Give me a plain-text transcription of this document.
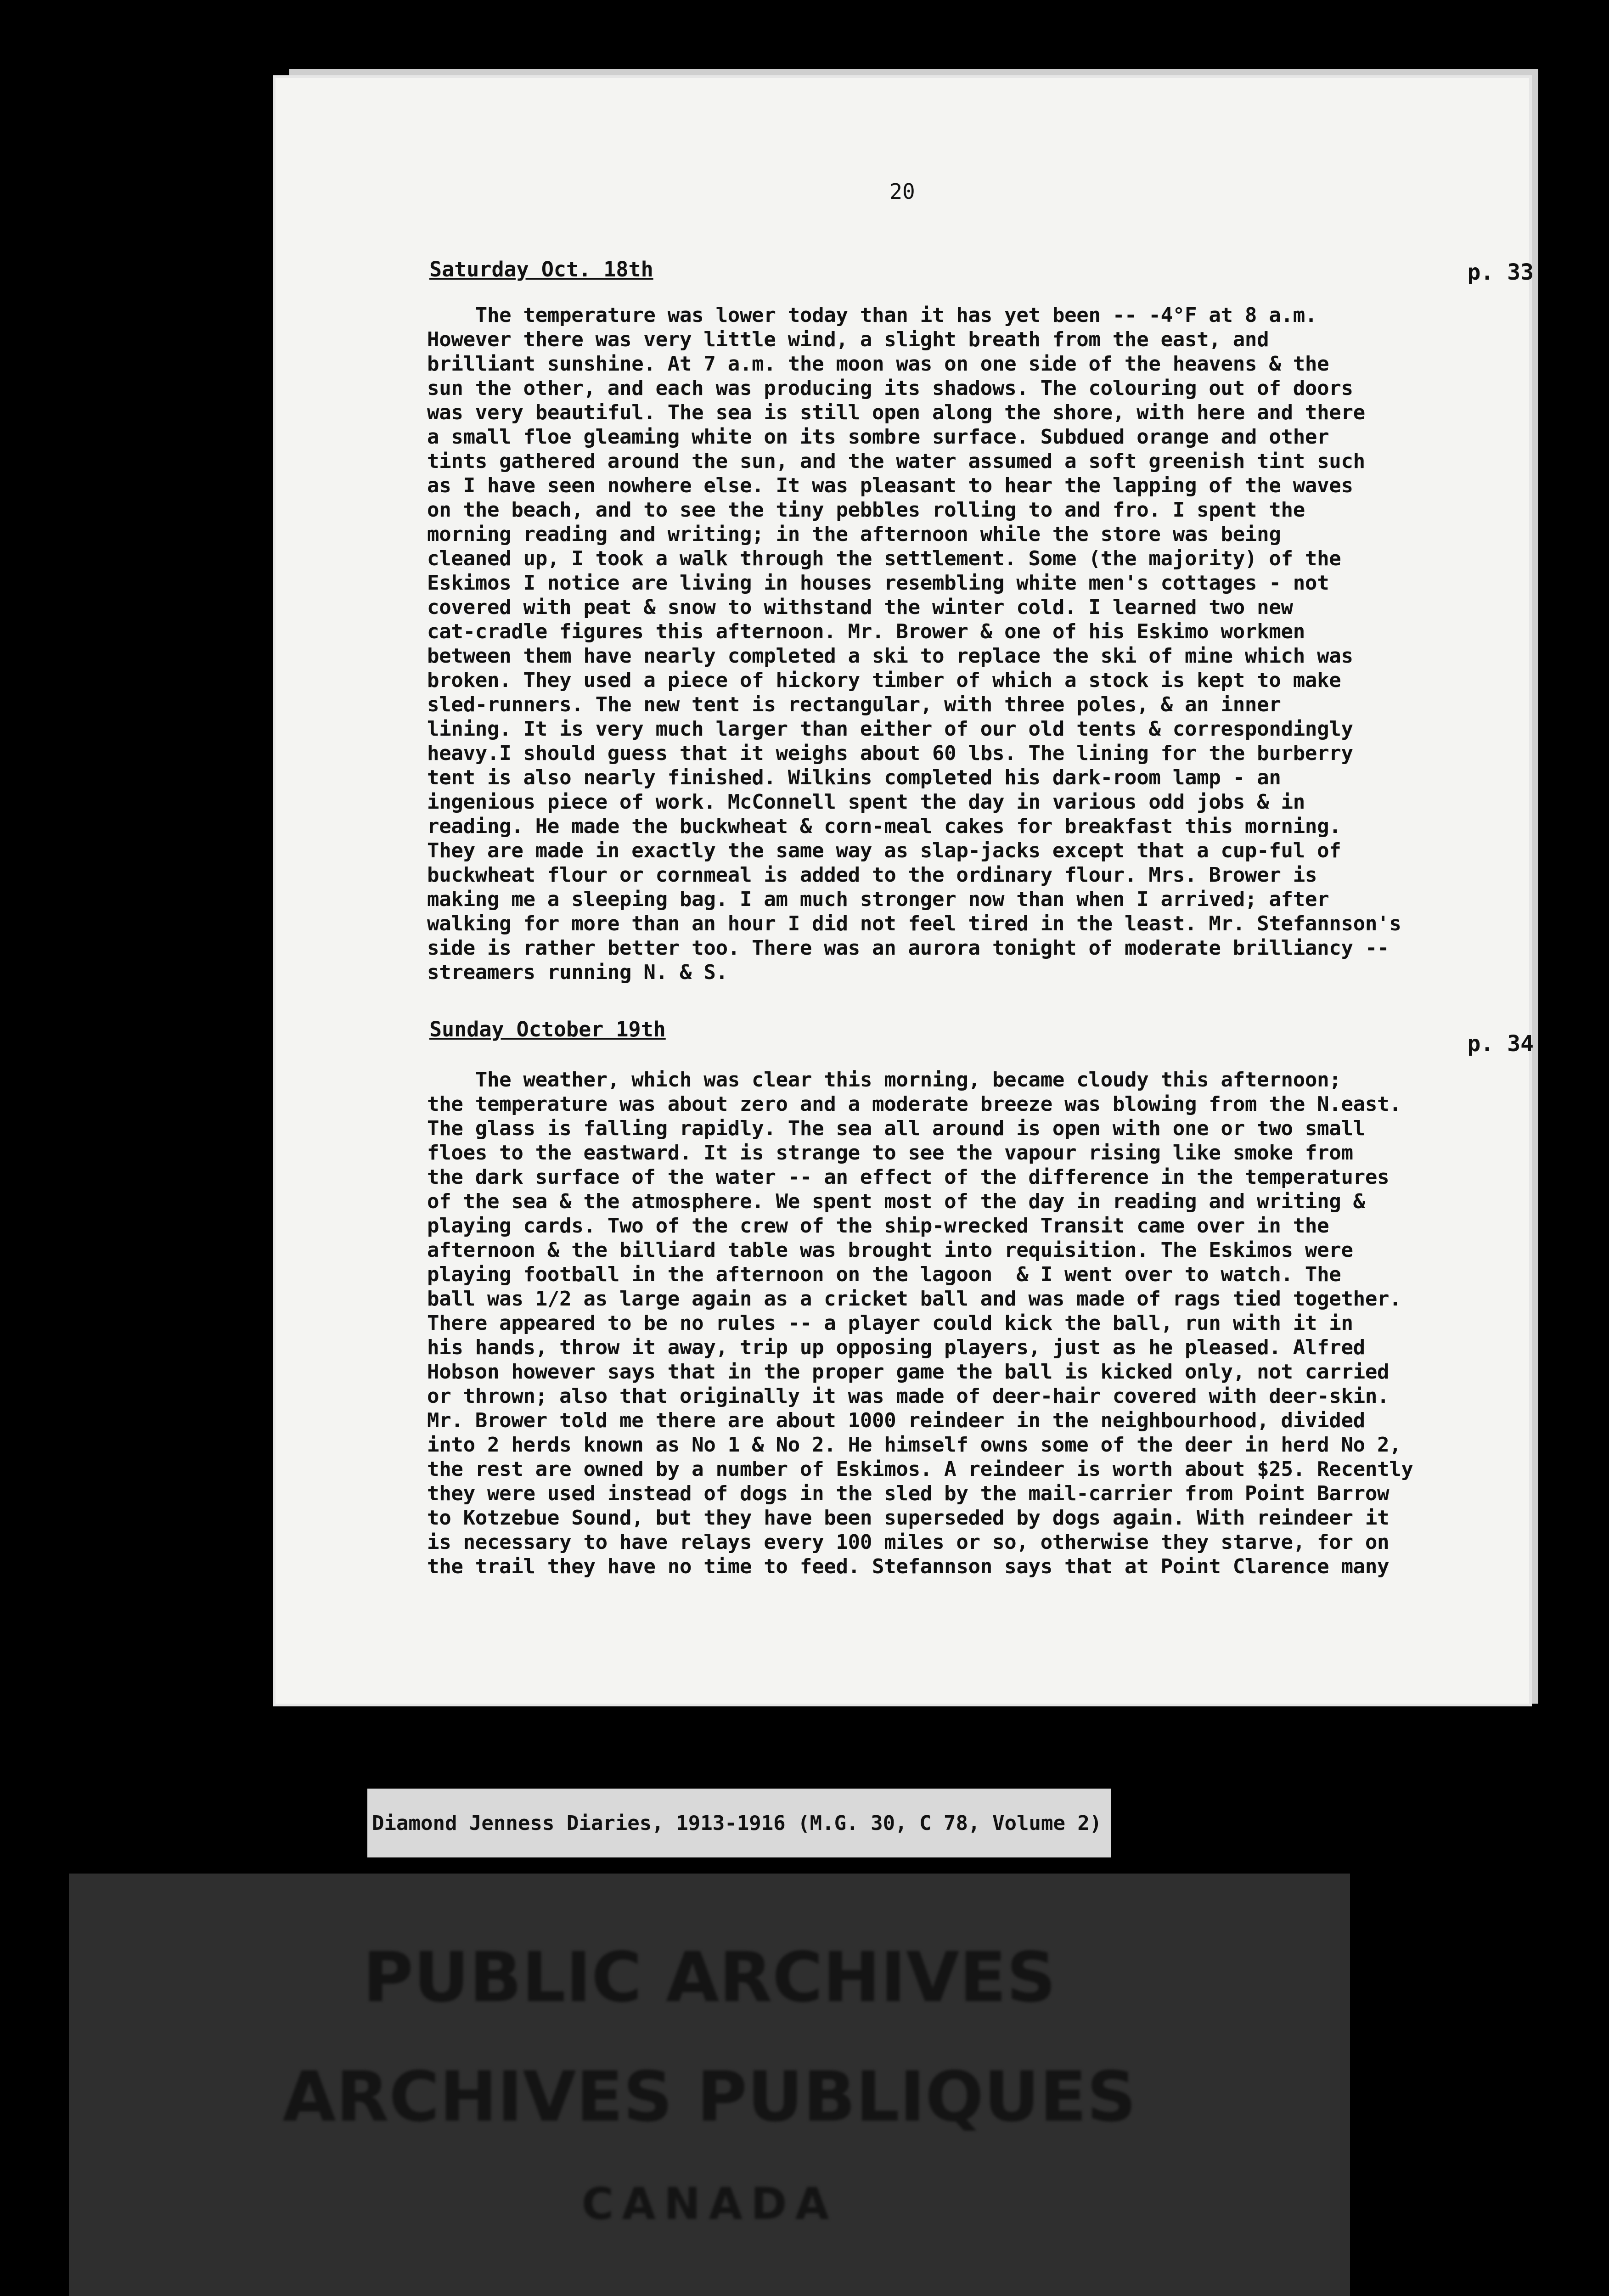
20
Saturday Oct. 18th	p. 33
The temperature was lower today than it has yet been -- -4°F at 8 a.m.
However there was very little wind, a slight breath from the east, and
brilliant sunshine. At 7 a.m. the moon was on one side of the heavens & the
sun the other, and each was producing its shadows. The colouring out of doors
was very beautiful. The sea is still open along the shore, with here and there
a small floe gleaming white on its sombre surface. Subdued orange and other
tints gathered around the sun, and the water assumed a soft greenish tint such
as I have seen nowhere else. It was pleasant to hear the lapping of the waves
on the beach, and to see the tiny pebbles rolling to and fro. I spent the
morning reading and writing; in the afternoon while the store was being
cleaned up, I took a walk through the settlement. Some (the majority) of the
Eskimos I notice are living in houses resembling white men's cottages - not
covered with peat & snow to withstand the winter cold. I learned two new
cat-cradle figures this afternoon. Mr. Brower & one of his Eskimo workmen
between them have nearly completed a ski to replace the ski of mine which was
broken. They used a piece of hickory timber of which a stock is kept to make
sled-runners. The new tent is rectangular, with three poles, & an inner
lining. It is very much larger than either of our old tents & correspondingly
heavy.I should guess that it weighs about 60 lbs. The lining for the burberry
tent is also nearly finished. Wilkins completed his dark-room lamp - an
ingenious piece of work. McConnell spent the day in various odd jobs & in
reading. He made the buckwheat & corn-meal cakes for breakfast this morning.
They are made in exactly the same way as slap-jacks except that a cup-ful of
buckwheat flour or cornmeal is added to the ordinary flour. Mrs. Brower is
making me a sleeping bag. I am much stronger now than when I arrived; after
walking for more than an hour I did not feel tired in the least. Mr. Stefannson's
side is rather better too. There was an aurora tonight of moderate brilliancy --
streamers running N. & S.
Sunday October 19th
p. 34
The weather, which was clear this morning, became cloudy this afternoon;
the temperature was about zero and a moderate breeze was blowing from the N.east.
The glass is falling rapidly. The sea all around is open with one or two small
floes to the eastward. It is strange to see the vapour rising like smoke from
the dark surface of the water -- an effect of the difference in the temperatures
of the sea & the atmosphere. We spent most of the day in reading and writing &
playing cards. Two of the crew of the ship-wrecked Transit came over in the
afternoon & the billiard table was brought into requisition. The Eskimos were
playing football in the afternoon on the lagoon  & I went over to watch. The
ball was 1/2 as large again as a cricket ball and was made of rags tied together.
There appeared to be no rules -- a player could kick the ball, run with it in
his hands, throw it away, trip up opposing players, just as he pleased. Alfred
Hobson however says that in the proper game the ball is kicked only, not carried
or thrown; also that originally it was made of deer-hair covered with deer-skin.
Mr. Brower told me there are about 1000 reindeer in the neighbourhood, divided
into 2 herds known as No 1 & No 2. He himself owns some of the deer in herd No 2,
the rest are owned by a number of Eskimos. A reindeer is worth about $25. Recently
they were used instead of dogs in the sled by the mail-carrier from Point Barrow
to Kotzebue Sound, but they have been superseded by dogs again. With reindeer it
is necessary to have relays every 100 miles or so, otherwise they starve, for on
the trail they have no time to feed. Stefannson says that at Point Clarence many
Diamond Jenness Diaries, 1913-1916 (M.G. 30, C 78, Volume 2)
PUBLIC ARCHIVES
ARCHIVES PUBLIQUES
CANADA
